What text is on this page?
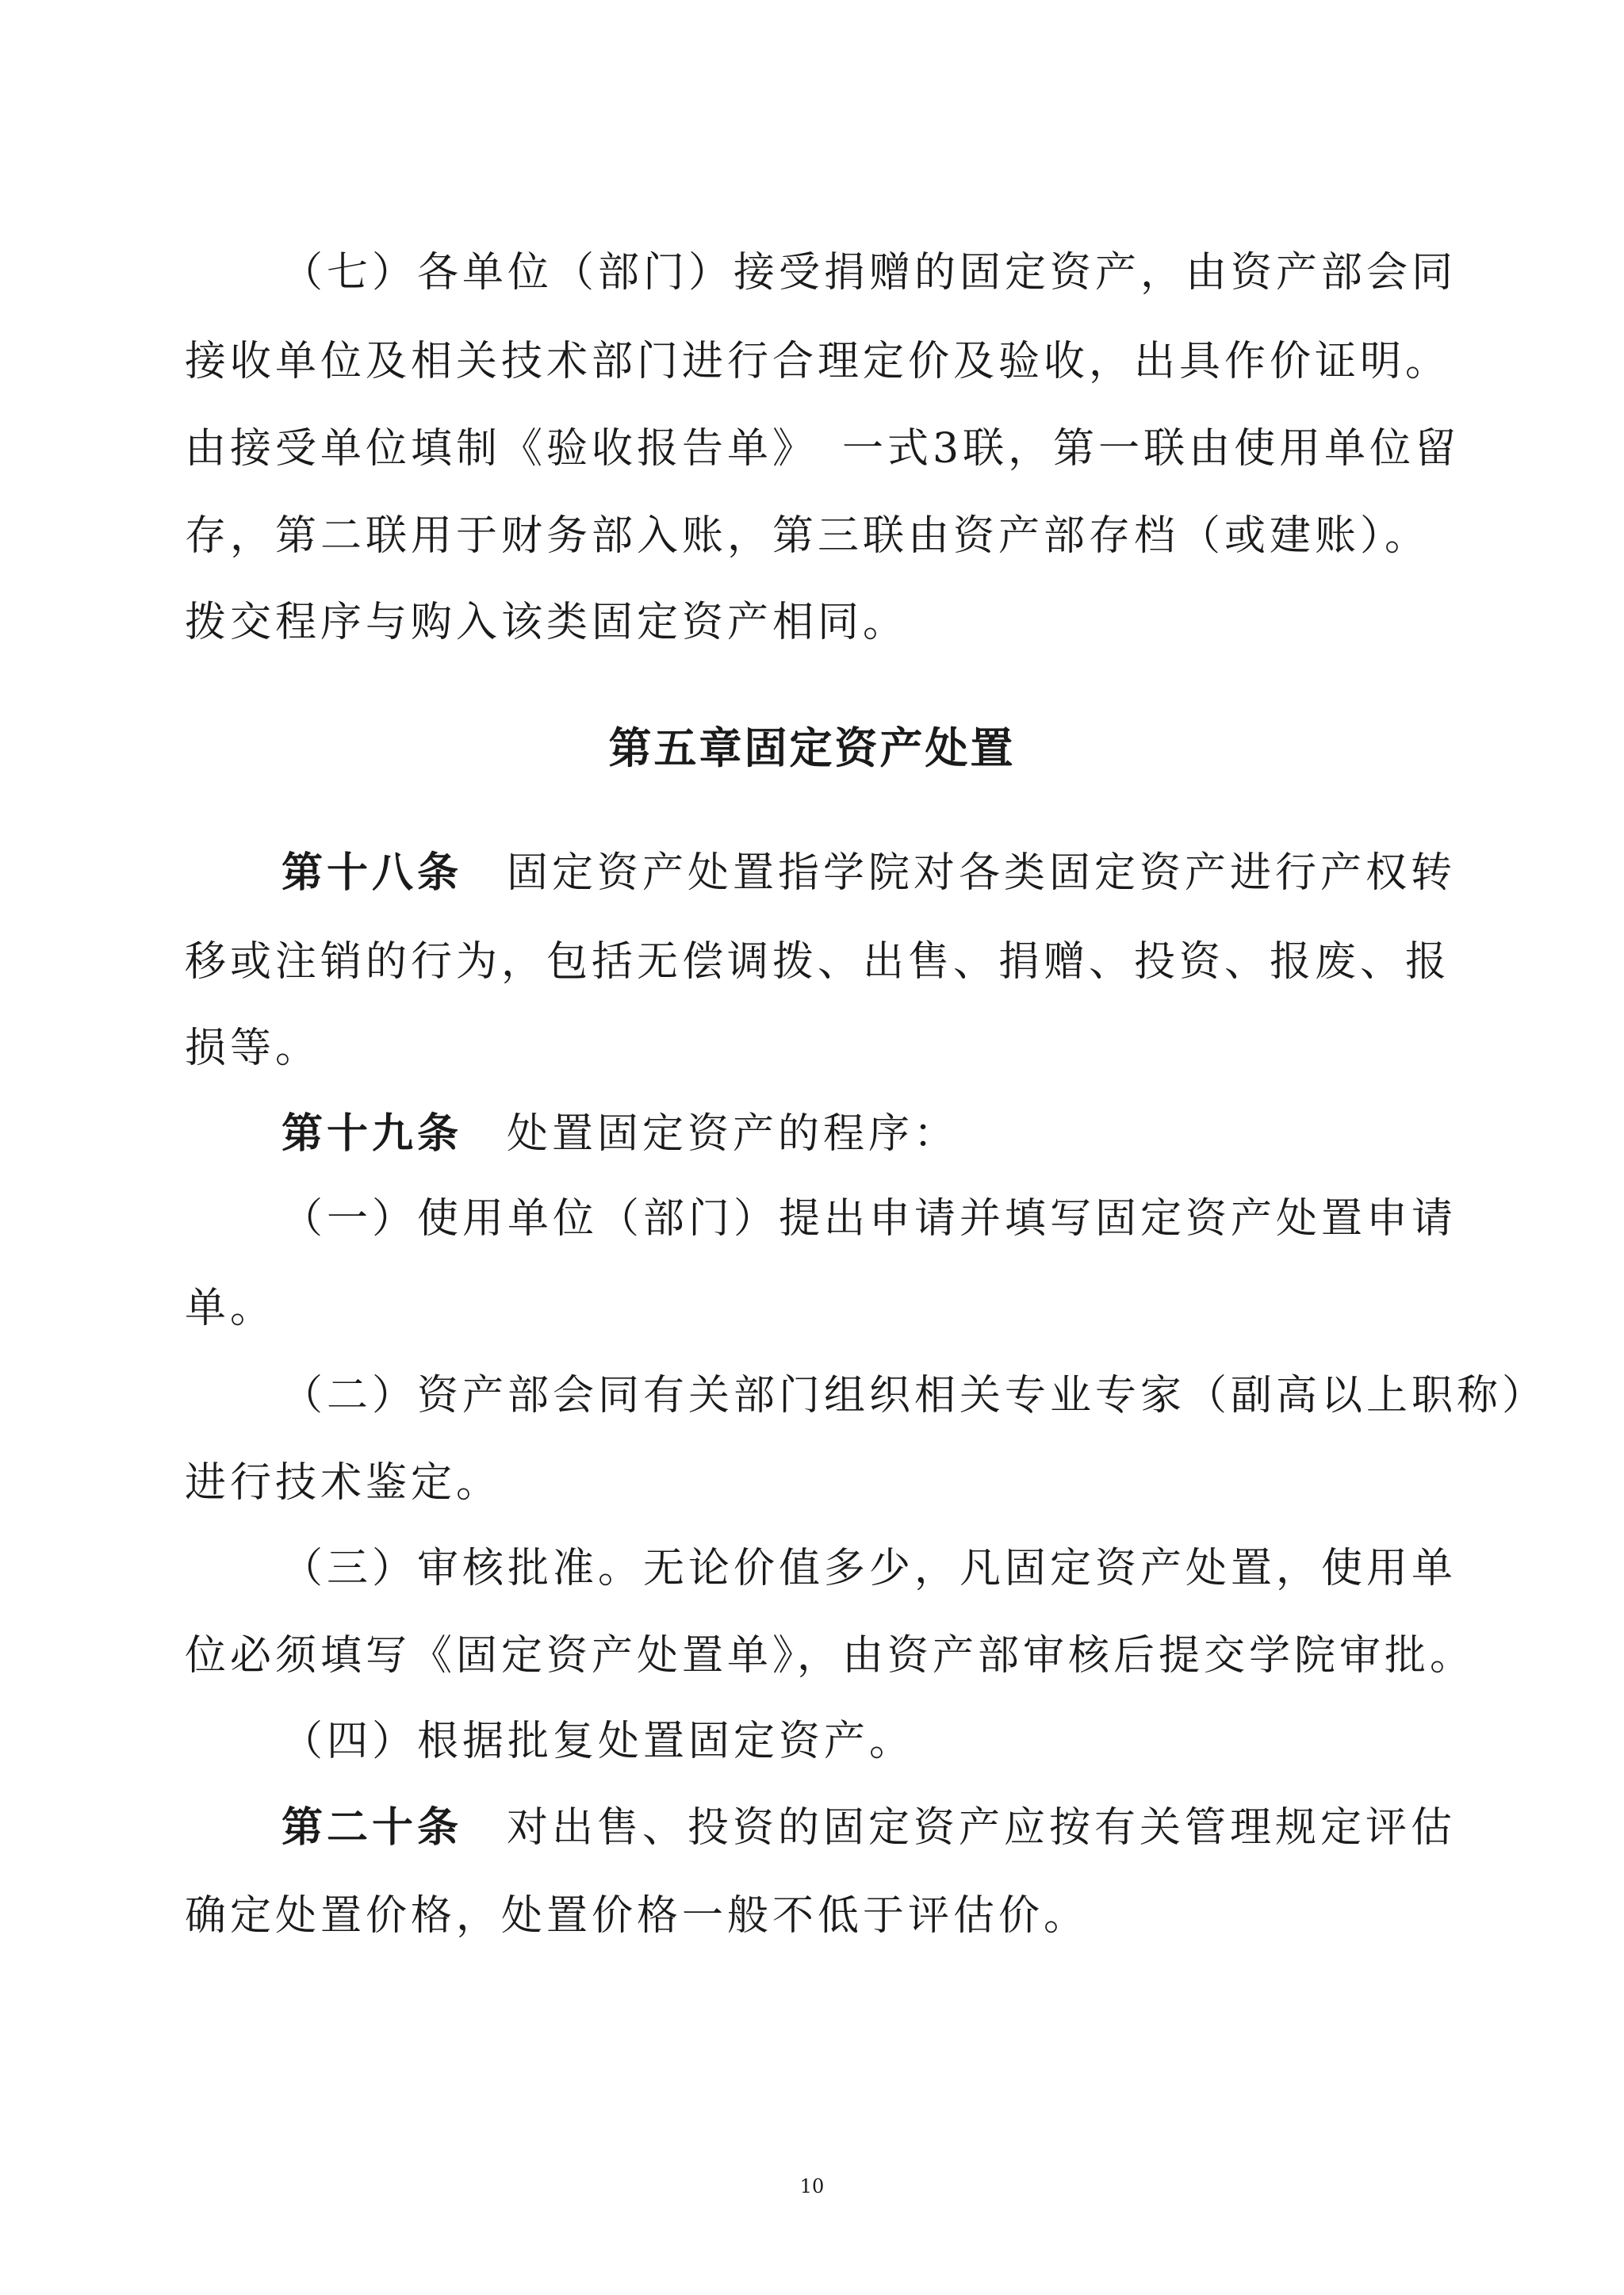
（七）各单位（部门）接受捐赠的固定资产，由资产部会同
接收单位及相关技术部门进行合理定价及验收，出具作价证明。
由接受单位填制《验收报告单》　一式3联，第一联由使用单位留
存，第二联用于财务部入账，第三联由资产部存档（或建账）。
拨交程序与购入该类固定资产相同。
第五章固定资产处置
第十八条 固定资产处置指学院对各类固定资产进行产权转
移或注销的行为，包括无偿调拨、出售、捐赠、投资、报废、报
损等。
第十九条 处置固定资产的程序：
（一）使用单位（部门）提出申请并填写固定资产处置申请
单。
（二）资产部会同有关部门组织相关专业专家（副高以上职称）
进行技术鉴定。
（三）审核批准。无论价值多少，凡固定资产处置，使用单
位必须填写《固定资产处置单》，由资产部审核后提交学院审批。
（四）根据批复处置固定资产。
第二十条 对出售、投资的固定资产应按有关管理规定评估
确定处置价格，处置价格一般不低于评估价。
10
